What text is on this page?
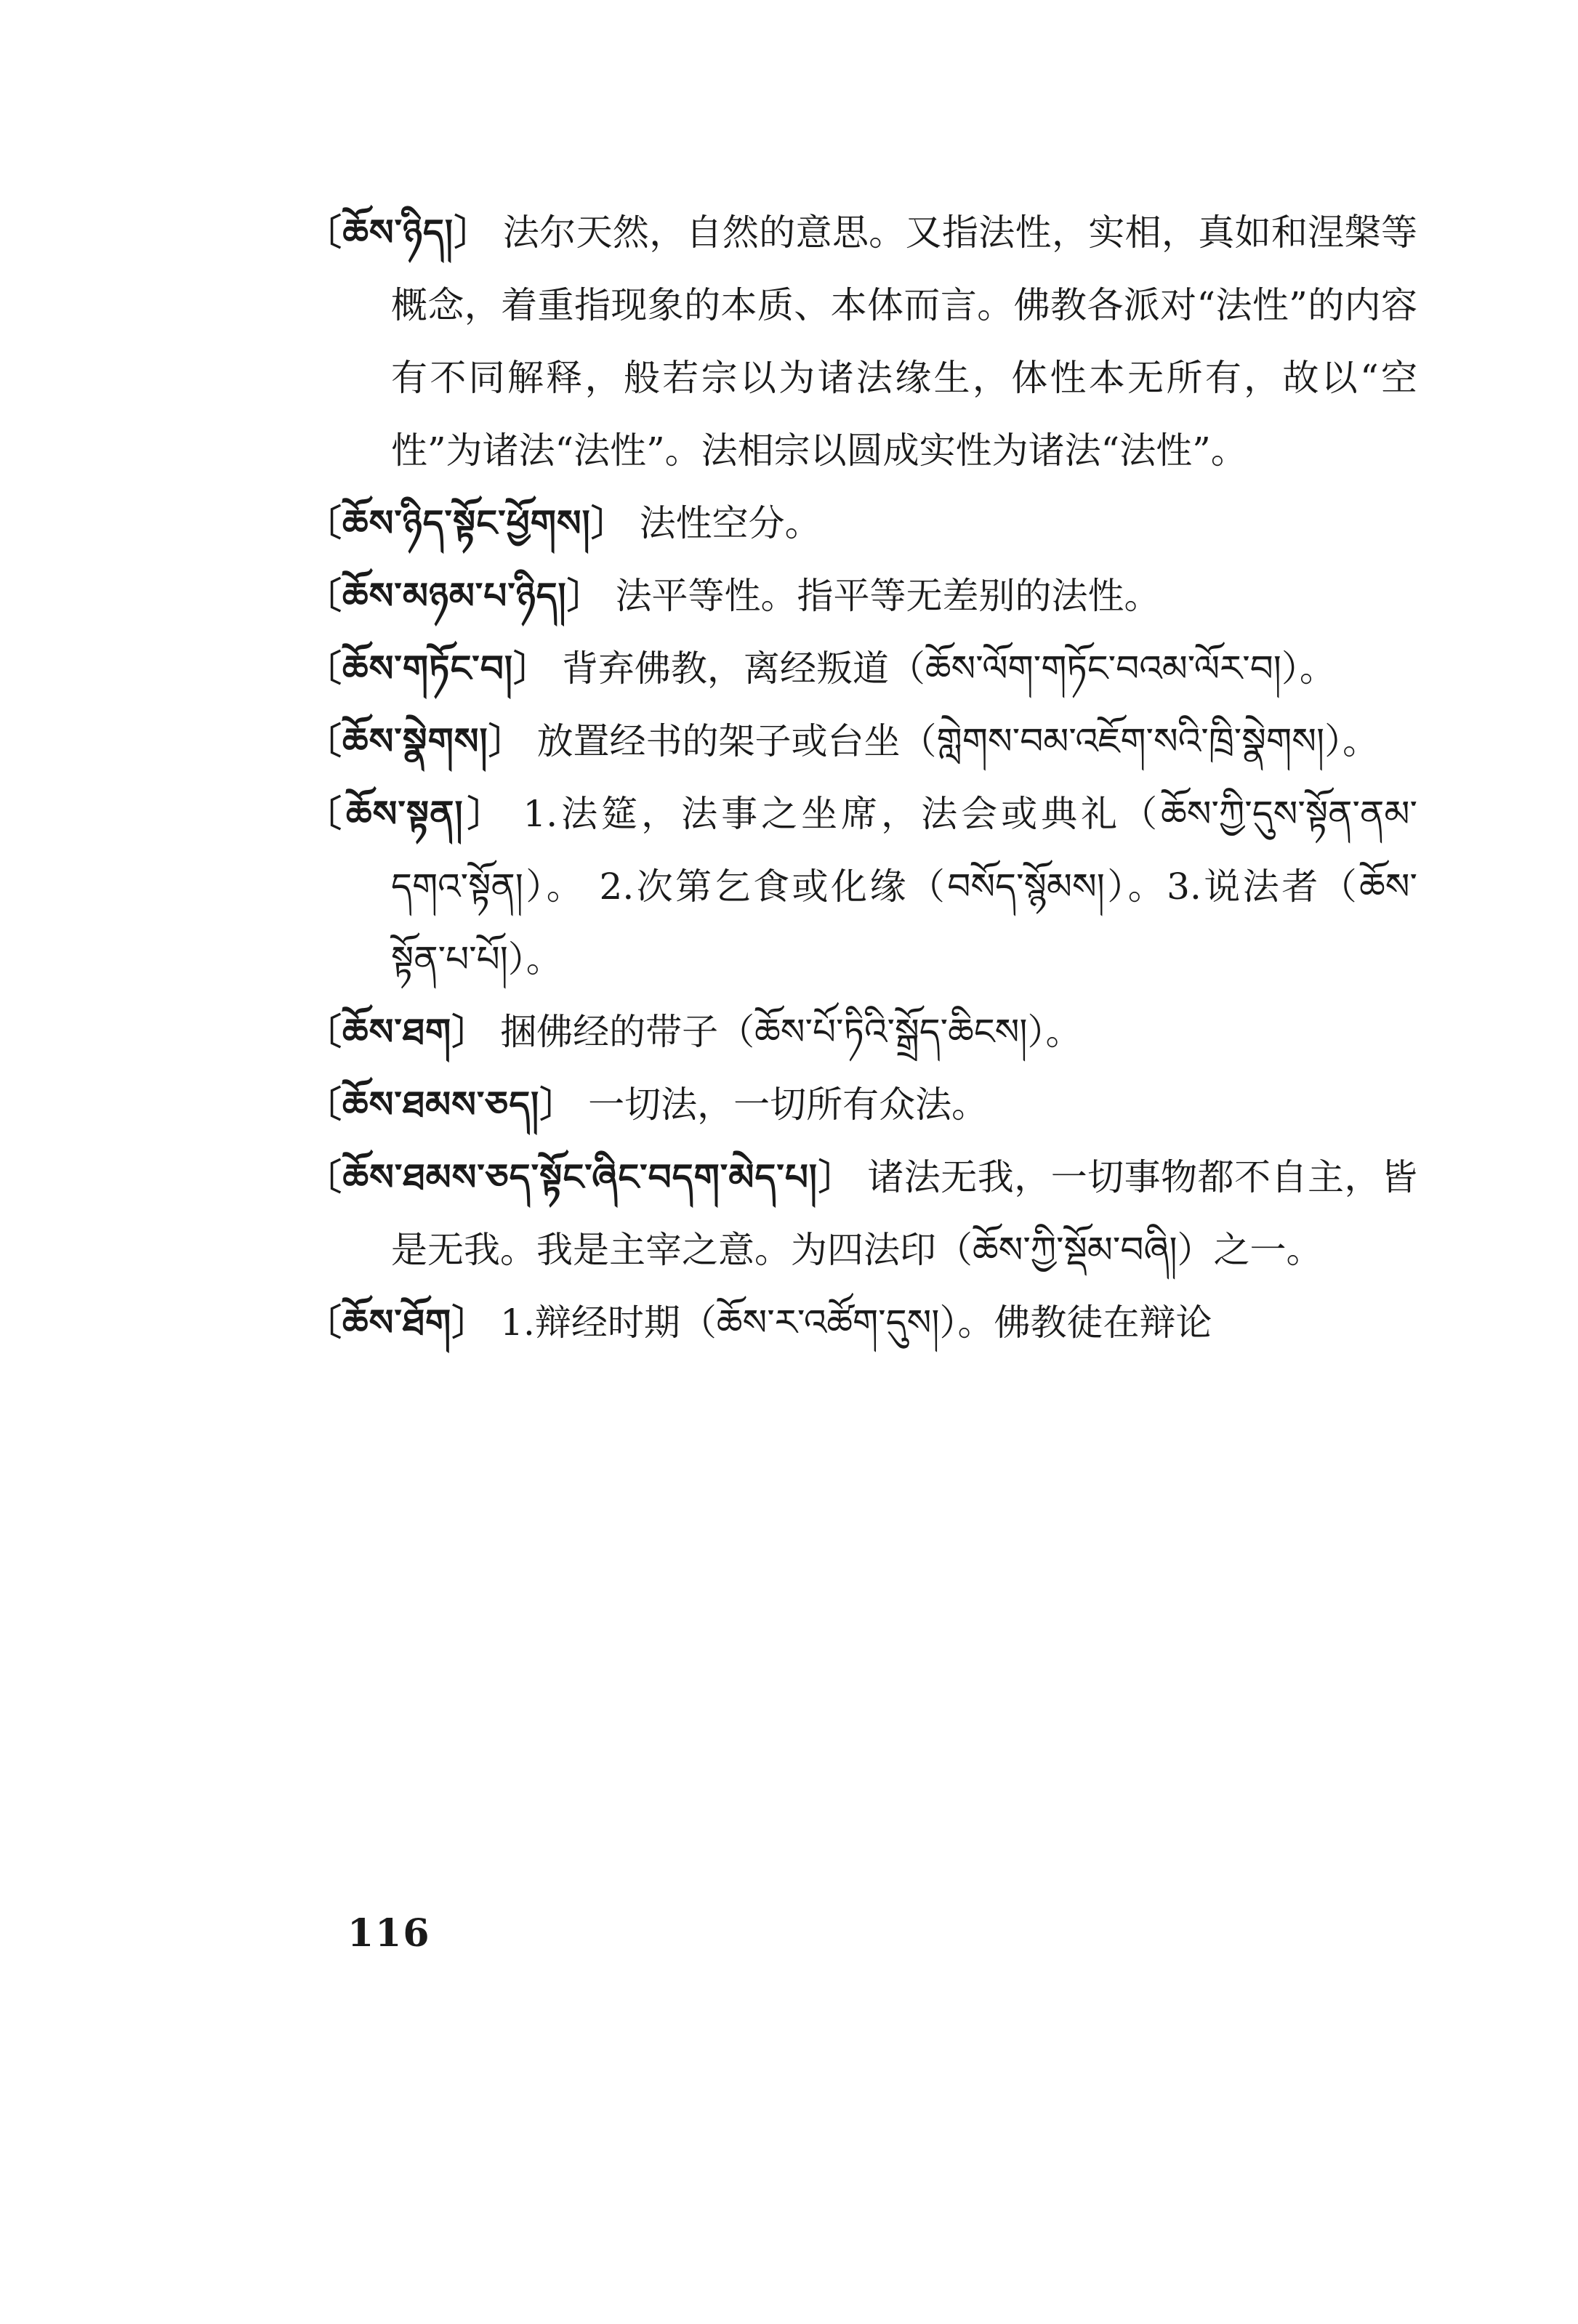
〔ཆོས་ཉིད།〕 法尔天然，自然的意思。又指法性，实相，真如和涅槃等概念，着重指现象的本质、本体而言。佛教各派对“法性”的内容有不同解释，般若宗以为诸法缘生，体性本无所有，故以“空性”为诸法“法性”。法相宗以圆成实性为诸法“法性”。

〔ཆོས་ཉིད་སྟོང་ཕྱོགས།〕 法性空分。

〔ཆོས་མཉམ་པ་ཉིད།〕 法平等性。指平等无差别的法性。

〔ཆོས་གཏོང་བ།〕 背弃佛教，离经叛道（ཆོས་ལོག་གཏོང་བའམ་ལོར་བ།）。

〔ཆོས་སྣེགས།〕 放置经书的架子或台坐（གླེགས་བམ་འཇོག་སའི་ཁྲི་སྣེགས།）。

〔ཆོས་སྟན།〕 1.法筵，法事之坐席，法会或典礼（ཆོས་ཀྱི་དུས་སྟོན་ནམ་དགའ་སྟོན།）。 2.次第乞食或化缘（བསོད་སྙོམས།）。3.说法者（ཆོས་སྟོན་པ་པོ།）。

〔ཆོས་ཐག〕 捆佛经的带子（ཆོས་པོ་ཏིའི་སྒྲོད་ཆིངས།）。

〔ཆོས་ཐམས་ཅད།〕 一切法，一切所有众法。

〔ཆོས་ཐམས་ཅད་སྟོང་ཞིང་བདག་མེད་པ།〕 诸法无我，一切事物都不自主，皆是无我。我是主宰之意。为四法印（ཆོས་ཀྱི་སྡོམ་བཞི།）之一。

〔ཆོས་ཐོག〕 1.辩经时期（ཆོས་ར་འཚོག་དུས།）。佛教徒在辩论

116
